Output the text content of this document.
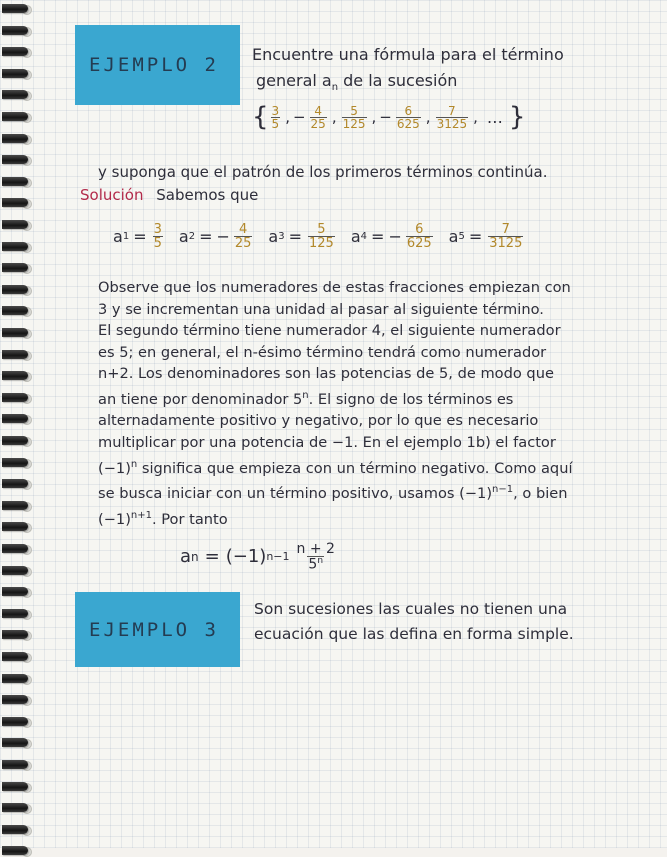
EJEMPLO 2 Encuentre una fórmula para el término
general $a_n$ de la sucesión
{ $\frac{3}{5}$ , − $\frac{4}{25}$ , $\frac{5}{125}$ , − $\frac{6}{625}$ , $\frac{7}{3125}$ , … }
y suponga que el patrón de los primeros términos continúa.
Solución Sabemos que
a $1 = \frac{3}{5}$ a 2 = − $\frac{4}{25}$ a $3 = \frac{5}{125}$ a 4 = − $\frac{6}{625}$ a $5 = \frac{7}{3125}$
Observe que los numeradores de estas fracciones empiezan con
3 y se incrementan una unidad al pasar al siguiente término.
El segundo término tiene numerador 4, el siguiente numerador
es 5; en general, el n-ésimo término tendrá como numerador
n+2. Los denominadores son las potencias de 5, de modo que
an tiene por denominador 5$^n$. El signo de los términos es
alternadamente positivo y negativo, por lo que es necesario
multiplicar por una potencia de −1. En el ejemplo 1b) el factor
$(-1)^n$ significa que empieza con un término negativo. Como aquí
se busca iniciar con un término positivo, usamos $(-1)^{n-1}$, o bien
$(-1)^{n+1}$. Por tanto
a n = (−1) $n-1 \frac{n + 2}{5^n}$
EJEMPLO 3
Son sucesiones las cuales no tienen una
ecuación que las defina en forma simple.
